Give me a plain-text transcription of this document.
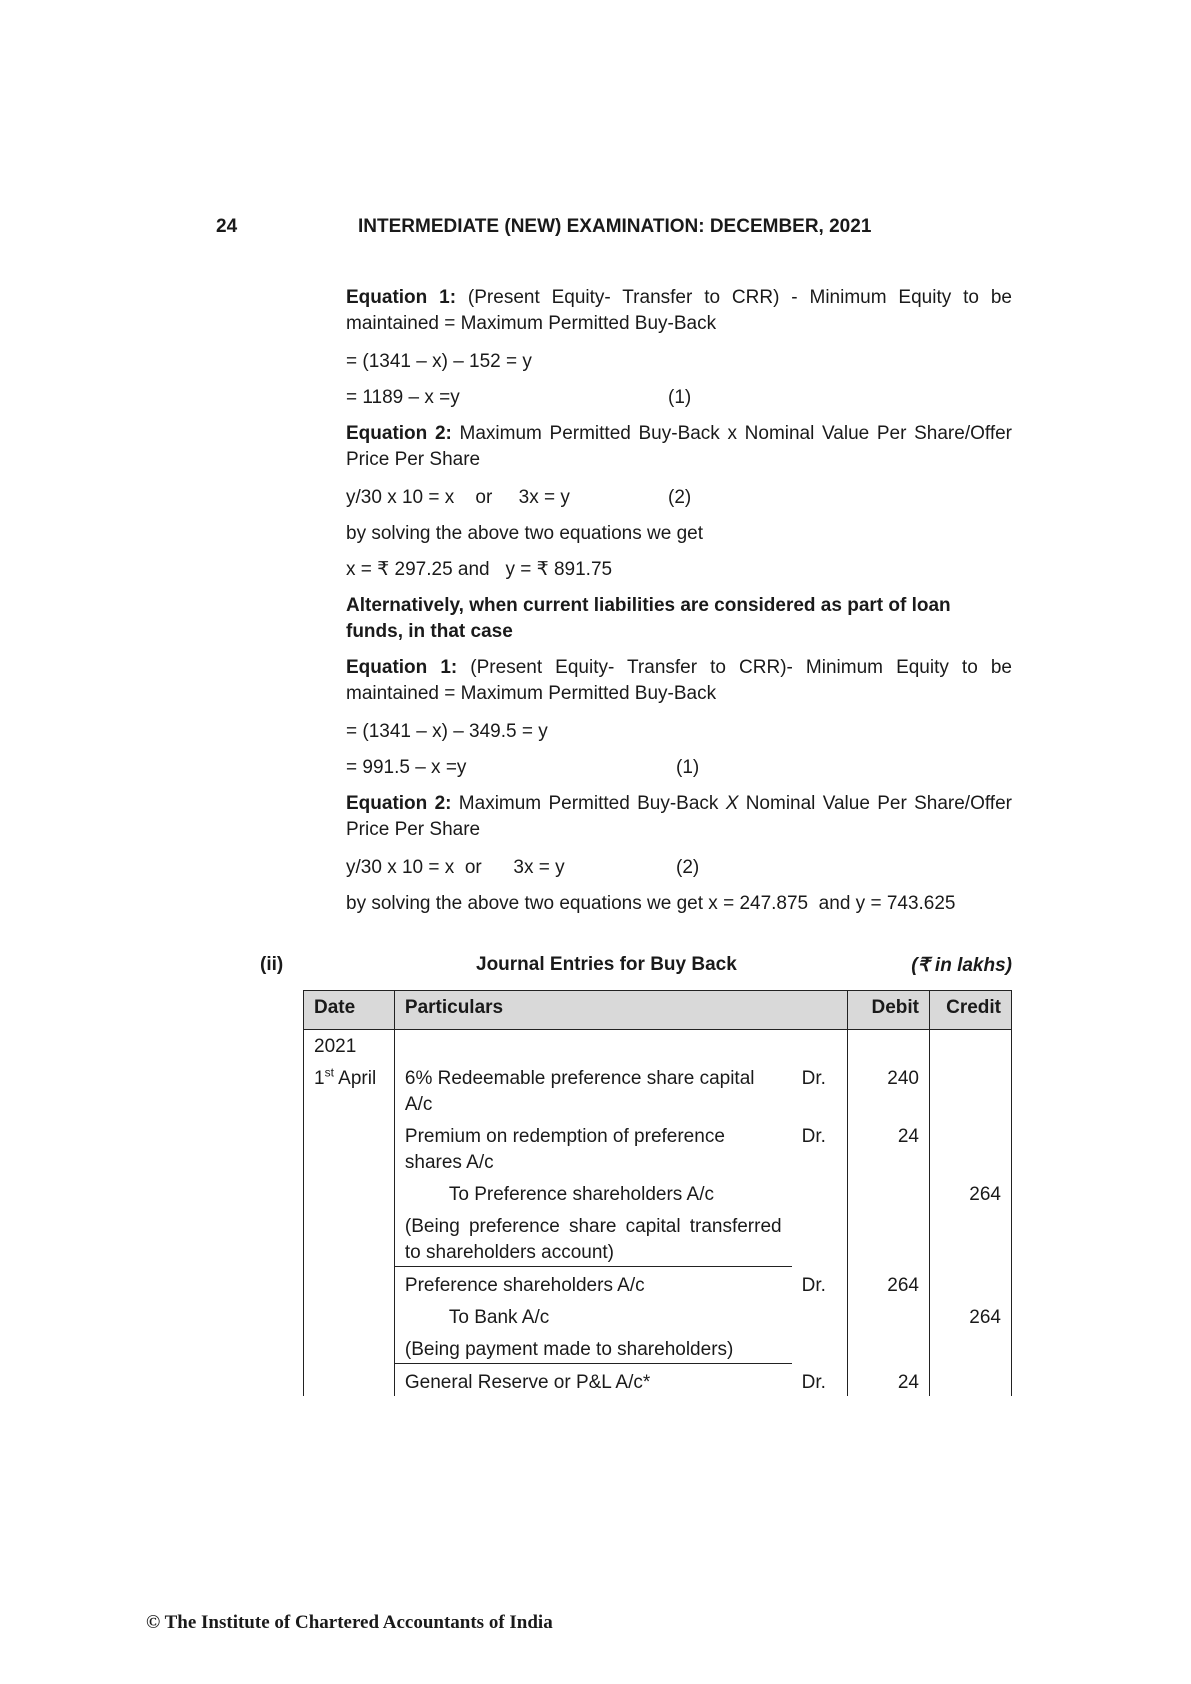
24	INTERMEDIATE (NEW) EXAMINATION: DECEMBER, 2021

Equation 1: (Present Equity- Transfer to CRR) - Minimum Equity to be maintained = Maximum Permitted Buy-Back

= (1341 – x) – 152 = y
= 1189 – x =y	(1)

Equation 2: Maximum Permitted Buy-Back x Nominal Value Per Share/Offer Price Per Share

y/30 x 10 = x    or     3x = y	(2)
by solving the above two equations we get
x = ₹ 297.25 and   y = ₹ 891.75

Alternatively, when current liabilities are considered as part of loan funds, in that case

Equation 1: (Present Equity- Transfer to CRR)- Minimum Equity to be maintained = Maximum Permitted Buy-Back

= (1341 – x) – 349.5 = y
= 991.5 – x =y	(1)

Equation 2: Maximum Permitted Buy-Back X Nominal Value Per Share/Offer Price Per Share

y/30 x 10 = x  or      3x = y	(2)
by solving the above two equations we get x = 247.875  and y = 743.625
(ii)	Journal Entries for Buy Back	(₹ in lakhs)
Date	Particulars		Debit	Credit
2021				
1st April	6% Redeemable preference share capital A/c	Dr.	240	
	Premium on redemption of preference shares A/c	Dr.	24	
	To Preference shareholders A/c			264
	(Being preference share capital transferred to shareholders account)			
	Preference shareholders A/c	Dr.	264	
	To Bank A/c			264
	(Being payment made to shareholders)			
	General Reserve or P&L A/c*	Dr.	24	
© The Institute of Chartered Accountants of India
